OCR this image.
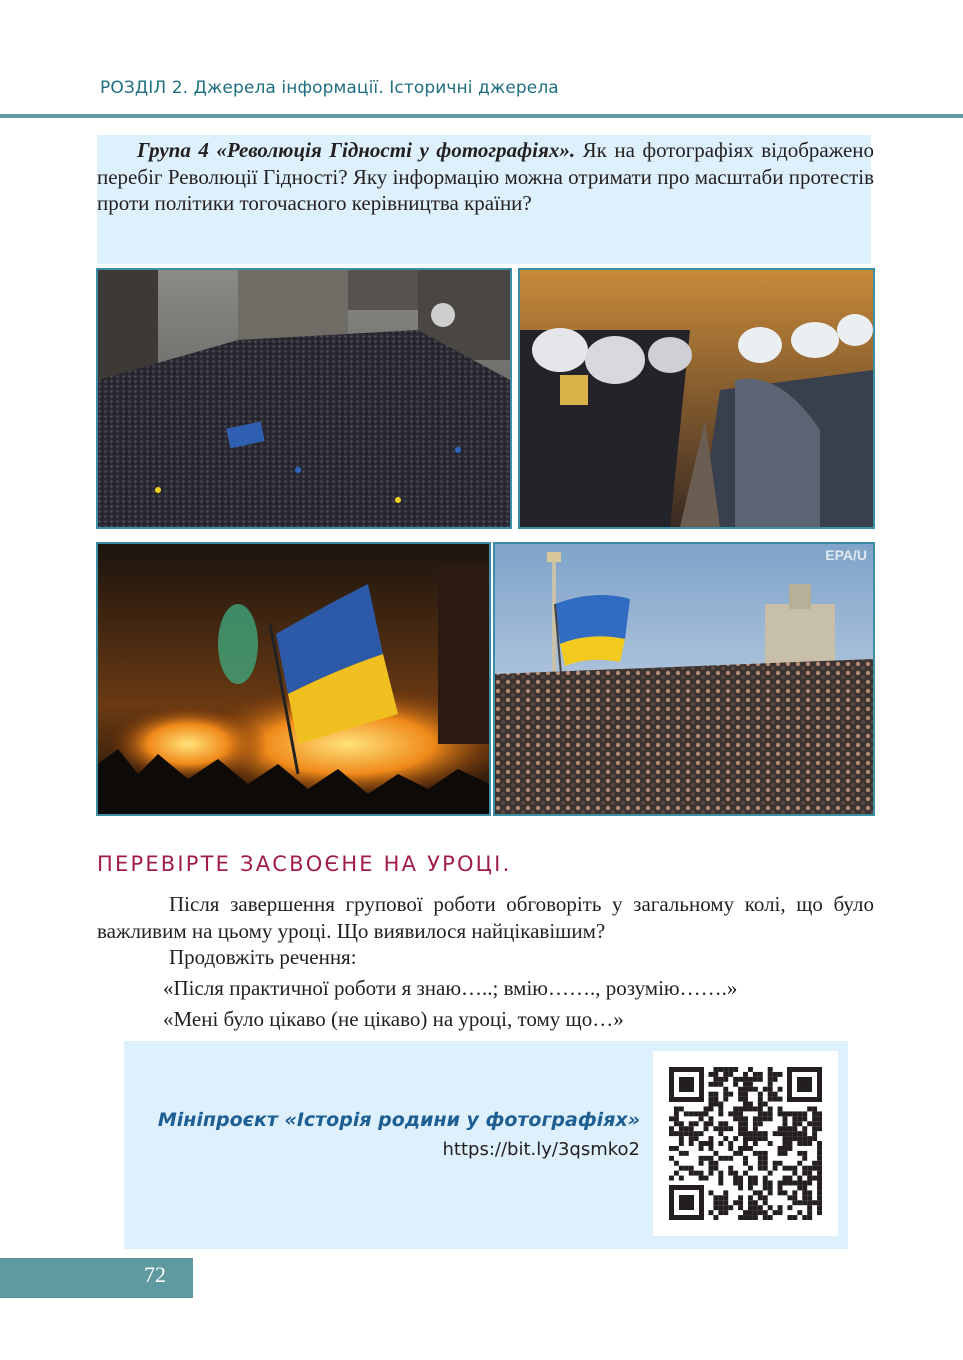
РОЗДІЛ 2. Джерела інформації. Історичні джерела
Група 4 «Революція Гідності у фотографіях». Як на фотографіях відображено перебіг Революції Гідності? Яку інформацію можна отримати про масштаби протестів проти політики тогочасного керівництва країни?
EPA/U
ПЕРЕВІРТЕ ЗАСВОЄНЕ НА УРОЦІ.
Після завершення групової роботи обговоріть у загальному колі, що було важливим на цьому уроці. Що виявилося найцікавішим?
Продовжіть речення:
«Після практичної роботи я знаю…..; вмію……., розумію…….»
«Мені було цікаво (не цікаво) на уроці, тому що…»
Мініпроєкт «Історія родини у фотографіях»
https://bit.ly/3qsmko2
72
